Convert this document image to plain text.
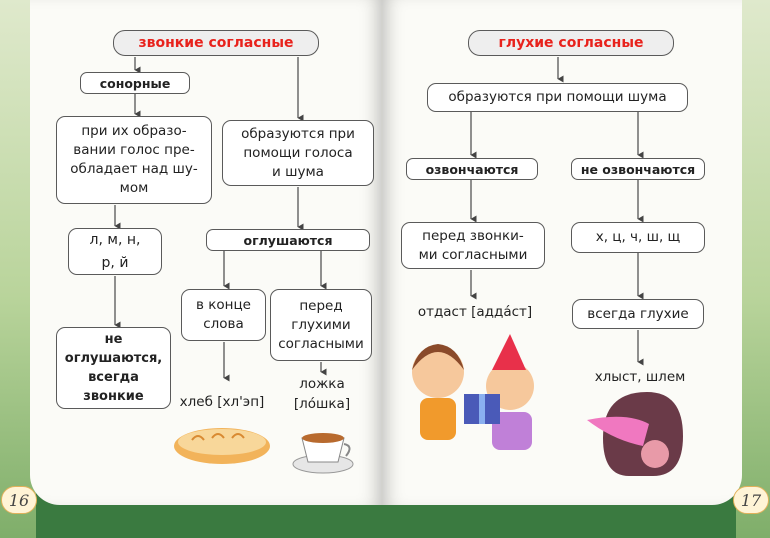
звонкие согласные
сонорные
при их образо-
вании голос пре-
обладает над шу-
мом
образуются при
помощи голоса
и шума
л, м, н,
р, й
оглушаются
в конце
слова
перед
глухими
согласными
не
оглушаются,
всегда
звонкие	хлеб [хл'эп]
ложка
[ло́шка]
глухие согласные
образуются при помощи шума
озвончаются	не озвончаются
перед звонки-
ми согласными
х, ц, ч, ш, щ
отдаст [адда́ст]	всегда глухие
хлыст, шлем
16	17
